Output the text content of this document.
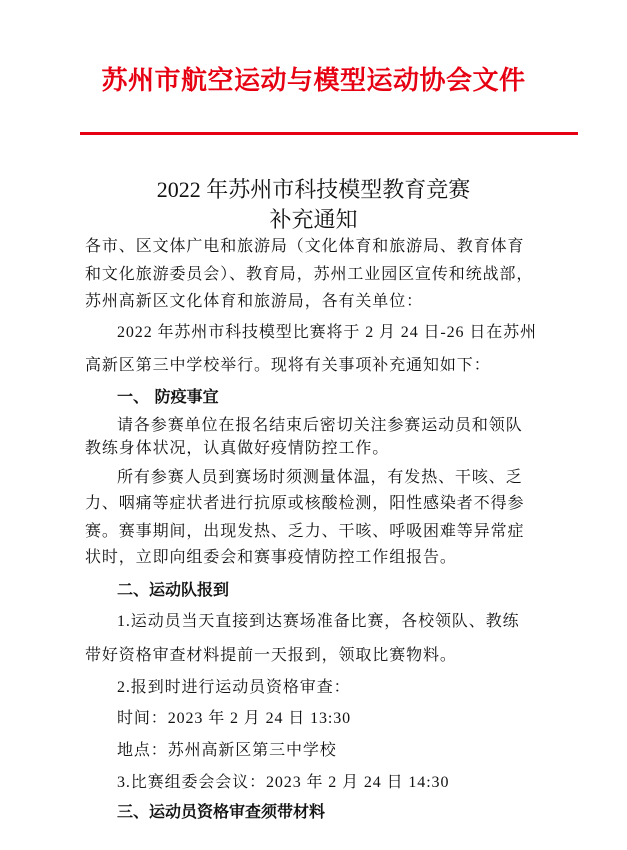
苏州市航空运动与模型运动协会文件
2022 年苏州市科技模型教育竞赛
补充通知
各市、区文体广电和旅游局（文化体育和旅游局、教育体育
和文化旅游委员会）、教育局，苏州工业园区宣传和统战部，
苏州高新区文化体育和旅游局，各有关单位：
2022 年苏州市科技模型比赛将于 2 月 24 日-26 日在苏州
高新区第三中学校举行。现将有关事项补充通知如下：
一、 防疫事宜
请各参赛单位在报名结束后密切关注参赛运动员和领队
教练身体状况，认真做好疫情防控工作。
所有参赛人员到赛场时须测量体温，有发热、干咳、乏
力、咽痛等症状者进行抗原或核酸检测，阳性感染者不得参
赛。赛事期间，出现发热、乏力、干咳、呼吸困难等异常症
状时，立即向组委会和赛事疫情防控工作组报告。
二、运动队报到
1.运动员当天直接到达赛场准备比赛，各校领队、教练
带好资格审查材料提前一天报到，领取比赛物料。
2.报到时进行运动员资格审查：
时间：2023 年 2 月 24 日 13:30
地点：苏州高新区第三中学校
3.比赛组委会会议：2023 年 2 月 24 日 14:30
三、运动员资格审查须带材料
